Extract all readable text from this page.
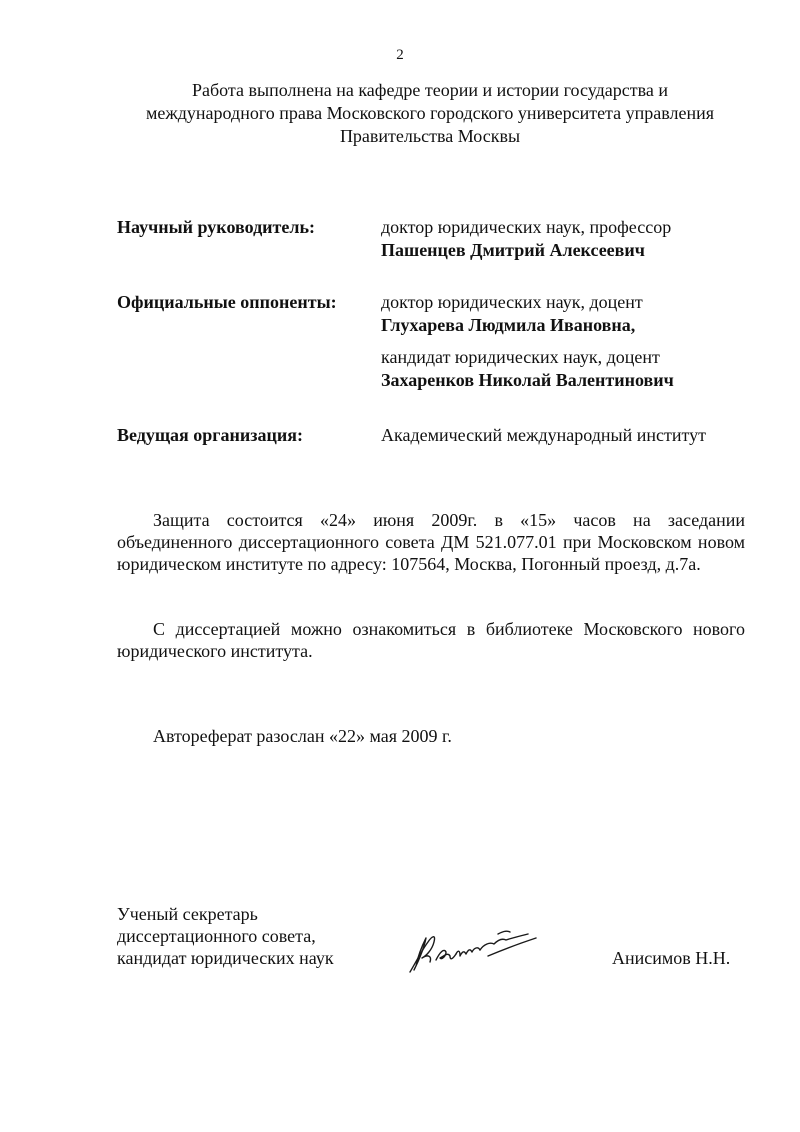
2
Работа выполнена на кафедре теории и истории государства и
международного права Московского городского университета управления
Правительства Москвы
Научный руководитель:	доктор юридических наук, профессор
Пашенцев Дмитрий Алексеевич
Официальные оппоненты: доктор юридических наук, доцент
Глухарева Людмила Ивановна,
кандидат юридических наук, доцент
Захаренков Николай Валентинович
Ведущая организация:	Академический международный институт
Защита состоится «24» июня 2009г. в «15» часов на заседании объединенного диссертационного совета ДМ 521.077.01 при Московском новом юридическом институте по адресу: 107564, Москва, Погонный проезд, д.7а.
С диссертацией можно ознакомиться в библиотеке Московского нового юридического института.
Автореферат разослан «22» мая 2009 г.
Ученый секретарь
диссертационного совета,
кандидат юридических наук	Анисимов Н.Н.
